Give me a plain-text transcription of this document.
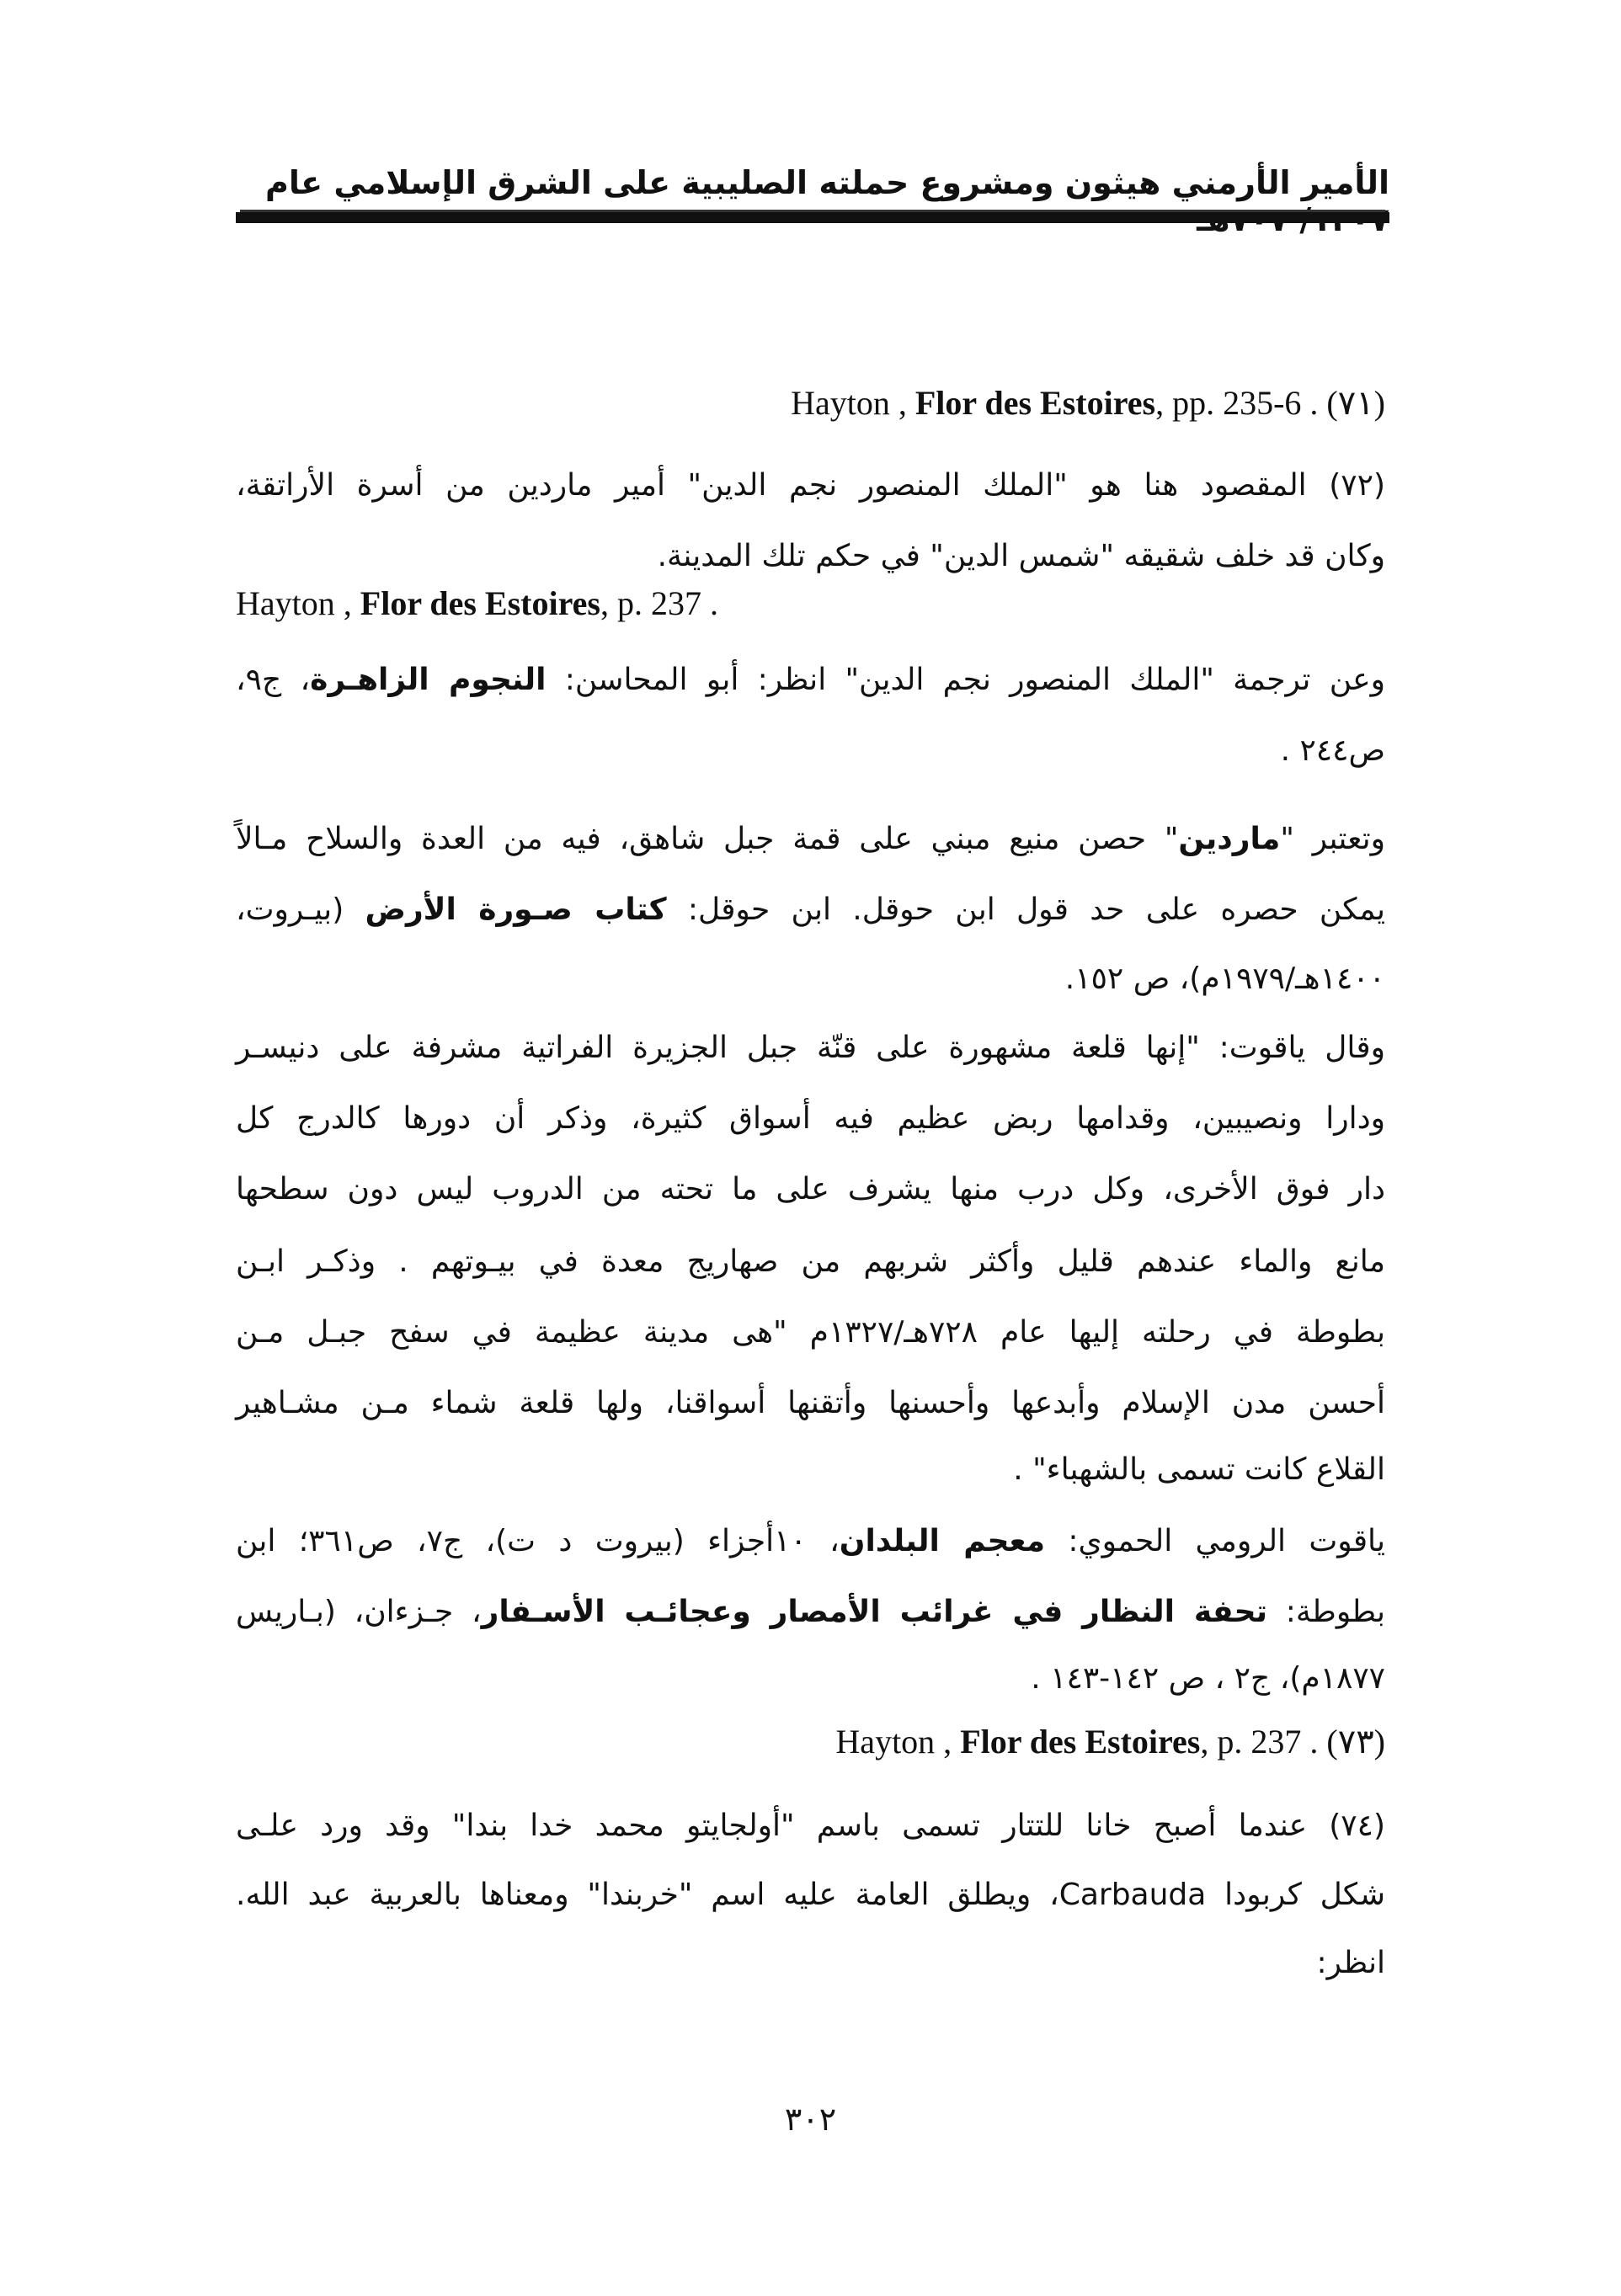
الأمير الأرمني هيثون ومشروع حملته الصليبية على الشرق الإسلامي عام
Hayton , Flor des Estoires, pp. 235-6 . (٧١)
(٧٢) المقصود هنا هو "الملك المنصور نجم الدين" أمير ماردين من أسرة الأراتقة،
وكان قد خلف شقيقه "شمس الدين" في حكم تلك المدينة.
Hayton , Flor des Estoires, p. 237 .
وعن ترجمة "الملك المنصور نجم الدين" انظر: أبو المحاسن: النجوم الزاهـرة، ج٩،
ص٢٤٤ .
وتعتبر "ماردين" حصن منيع مبني على قمة جبل شاهق، فيه من العدة والسلاح مـالاً
يمكن حصره على حد قول ابن حوقل. ابن حوقل: كتاب صـورة الأرض (بيـروت،
١٤٠٠هـ/١٩٧٩م)، ص ١٥٢.
وقال ياقوت: "إنها قلعة مشهورة على قنّة جبل الجزيرة الفراتية مشرفة على دنيسـر
ودارا ونصيبين، وقدامها ربض عظيم فيه أسواق كثيرة، وذكر أن دورها كالدرج كل
دار فوق الأخرى، وكل درب منها يشرف على ما تحته من الدروب ليس دون سطحها
مانع والماء عندهم قليل وأكثر شربهم من صهاريج معدة في بيـوتهم . وذكـر ابـن
بطوطة في رحلته إليها عام ٧٢٨هـ/١٣٢٧م "هى مدينة عظيمة في سفح جبـل مـن
أحسن مدن الإسلام وأبدعها وأحسنها وأتقنها أسواقنا، ولها قلعة شماء مـن مشـاهير
القلاع كانت تسمى بالشهباء" .
ياقوت الرومي الحموي: معجم البلدان، ١٠أجزاء (بيروت د ت)، ج٧، ص٣٦١؛ ابن
بطوطة: تحفة النظار في غرائب الأمصار وعجائـب الأسـفار، جـزءان، (بـاريس
١٨٧٧م)، ج٢ ، ص ١٤٢-١٤٣ .
Hayton , Flor des Estoires, p. 237 . (٧٣)
(٧٤) عندما أصبح خانا للتتار تسمى باسم "أولجايتو محمد خدا بندا" وقد ورد علـى
شكل كربودا Carbauda، ويطلق العامة عليه اسم "خربندا" ومعناها بالعربية عبد الله.
انظر:
٣٠٢
